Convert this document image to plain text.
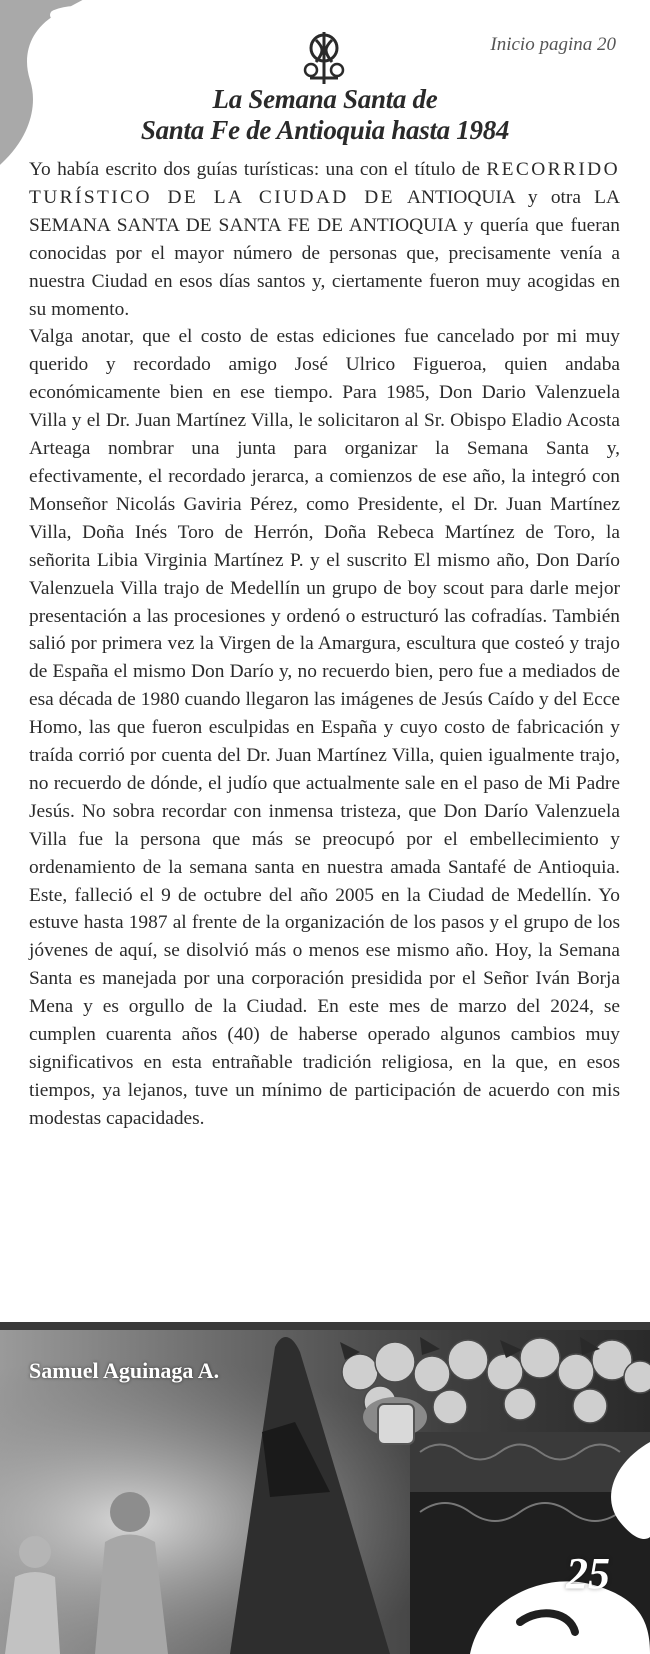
Inicio pagina 20
La Semana Santa de
Santa Fe de Antioquia hasta 1984

Yo había escrito dos guías turísticas: una con el título de RECORRIDO TURÍSTICO DE LA CIUDAD DE ANTIOQUIA y otra LA SEMANA SANTA DE SANTA FE DE ANTIOQUIA y quería que fueran conocidas por el mayor número de personas que, precisamente venía a nuestra Ciudad en esos días santos y, ciertamente fueron muy acogidas en su momento.

Valga anotar, que el costo de estas ediciones fue cancelado por mi muy querido y recordado amigo José Ulrico Figueroa, quien andaba económicamente bien en ese tiempo. Para 1985, Don Dario Valenzuela Villa y el Dr. Juan Martínez Villa, le solicitaron al Sr. Obispo Eladio Acosta Arteaga nombrar una junta para organizar la Semana Santa y, efectivamente, el recordado jerarca, a comienzos de ese año, la integró con Monseñor Nicolás Gaviria Pérez, como Presidente, el Dr. Juan Martínez Villa, Doña Inés Toro de Herrón, Doña Rebeca Martínez de Toro, la señorita Libia Virginia Martínez P. y el suscrito El mismo año, Don Darío Valenzuela Villa trajo de Medellín un grupo de boy scout para darle mejor presentación a las procesiones y ordenó o estructuró las cofradías. También salió por primera vez la Virgen de la Amargura, escultura que costeó y trajo de España el mismo Don Darío y, no recuerdo bien, pero fue a mediados de esa década de 1980 cuando llegaron las imágenes de Jesús Caído y del Ecce Homo, las que fueron esculpidas en España y cuyo costo de fabricación y traída corrió por cuenta del Dr. Juan Martínez Villa, quien igualmente trajo, no recuerdo de dónde, el judío que actualmente sale en el paso de Mi Padre Jesús. No sobra recordar con inmensa tristeza, que Don Darío Valenzuela Villa fue la persona que más se preocupó por el embellecimiento y ordenamiento de la semana santa en nuestra amada Santafé de Antioquia. Este, falleció el 9 de octubre del año 2005 en la Ciudad de Medellín. Yo estuve hasta 1987 al frente de la organización de los pasos y el grupo de los jóvenes de aquí, se disolvió más o menos ese mismo año. Hoy, la Semana Santa es manejada por una corporación presidida por el Señor Iván Borja Mena y es orgullo de la Ciudad. En este mes de marzo del 2024, se cumplen cuarenta años (40) de haberse operado algunos cambios muy significativos en esta entrañable tradición religiosa, en la que, en esos tiempos, ya lejanos, tuve un mínimo de participación de acuerdo con mis modestas capacidades.

Samuel Aguinaga A.
25
